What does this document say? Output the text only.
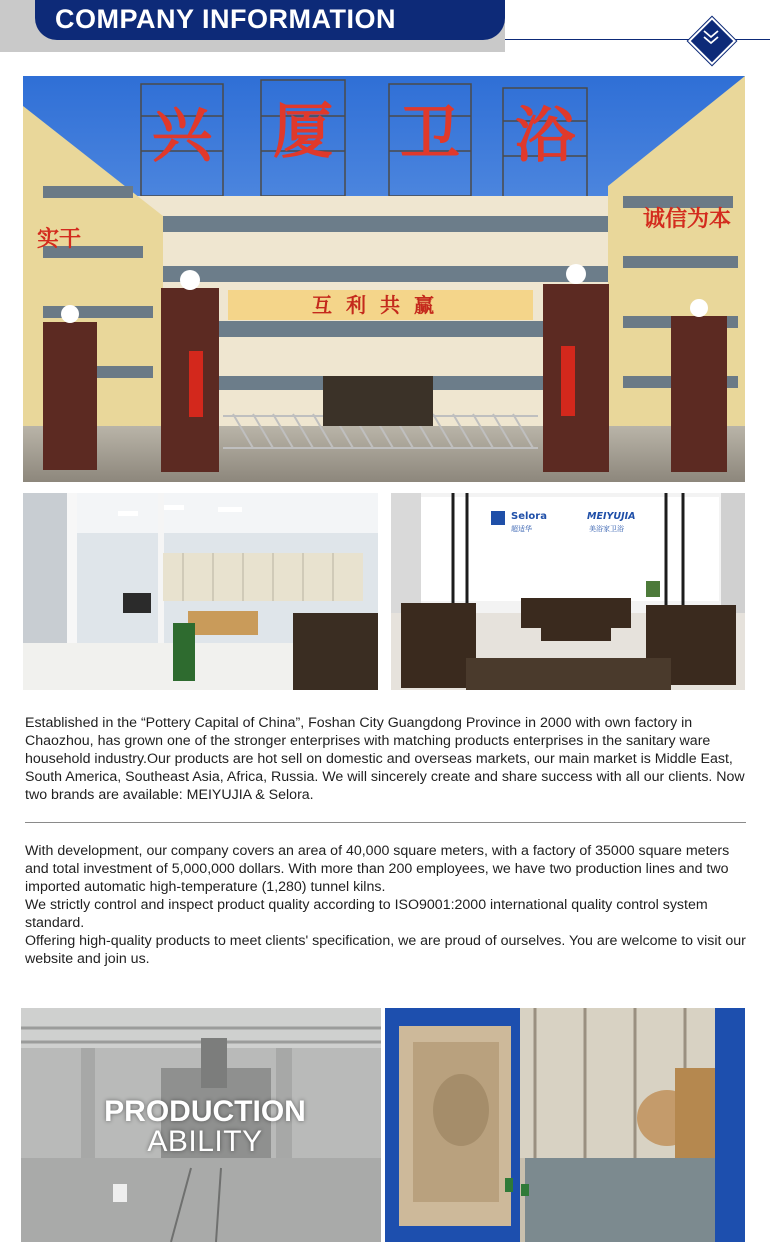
COMPANY INFORMATION
兴 厦 卫 浴
互利共赢
实干
诚信为本
Selora
超适华
MEIYUJIA
美浴家卫浴
Established in the “Pottery Capital of China”, Foshan City Guangdong Province in 2000 with own factory in Chaozhou, has grown one of the stronger enterprises with matching products enterprises in the sanitary ware household industry.Our products are hot sell on domestic and overseas markets, our main market is Middle East, South America, Southeast Asia, Africa, Russia. We will sincerely create and share success with all our clients. Now two brands are available: MEIYUJIA & Selora.
With development, our company covers an area of 40,000 square meters, with a factory of 35000 square meters and total investment of 5,000,000 dollars. With more than 200 employees, we have two production lines and two imported automatic high-temperature (1,280) tunnel kilns.
We strictly control and inspect product quality according to ISO9001:2000 international quality control system standard.
Offering high-quality products to meet clients' specification, we are proud of ourselves. You are welcome to visit our website and join us.
PRODUCTION
ABILITY
